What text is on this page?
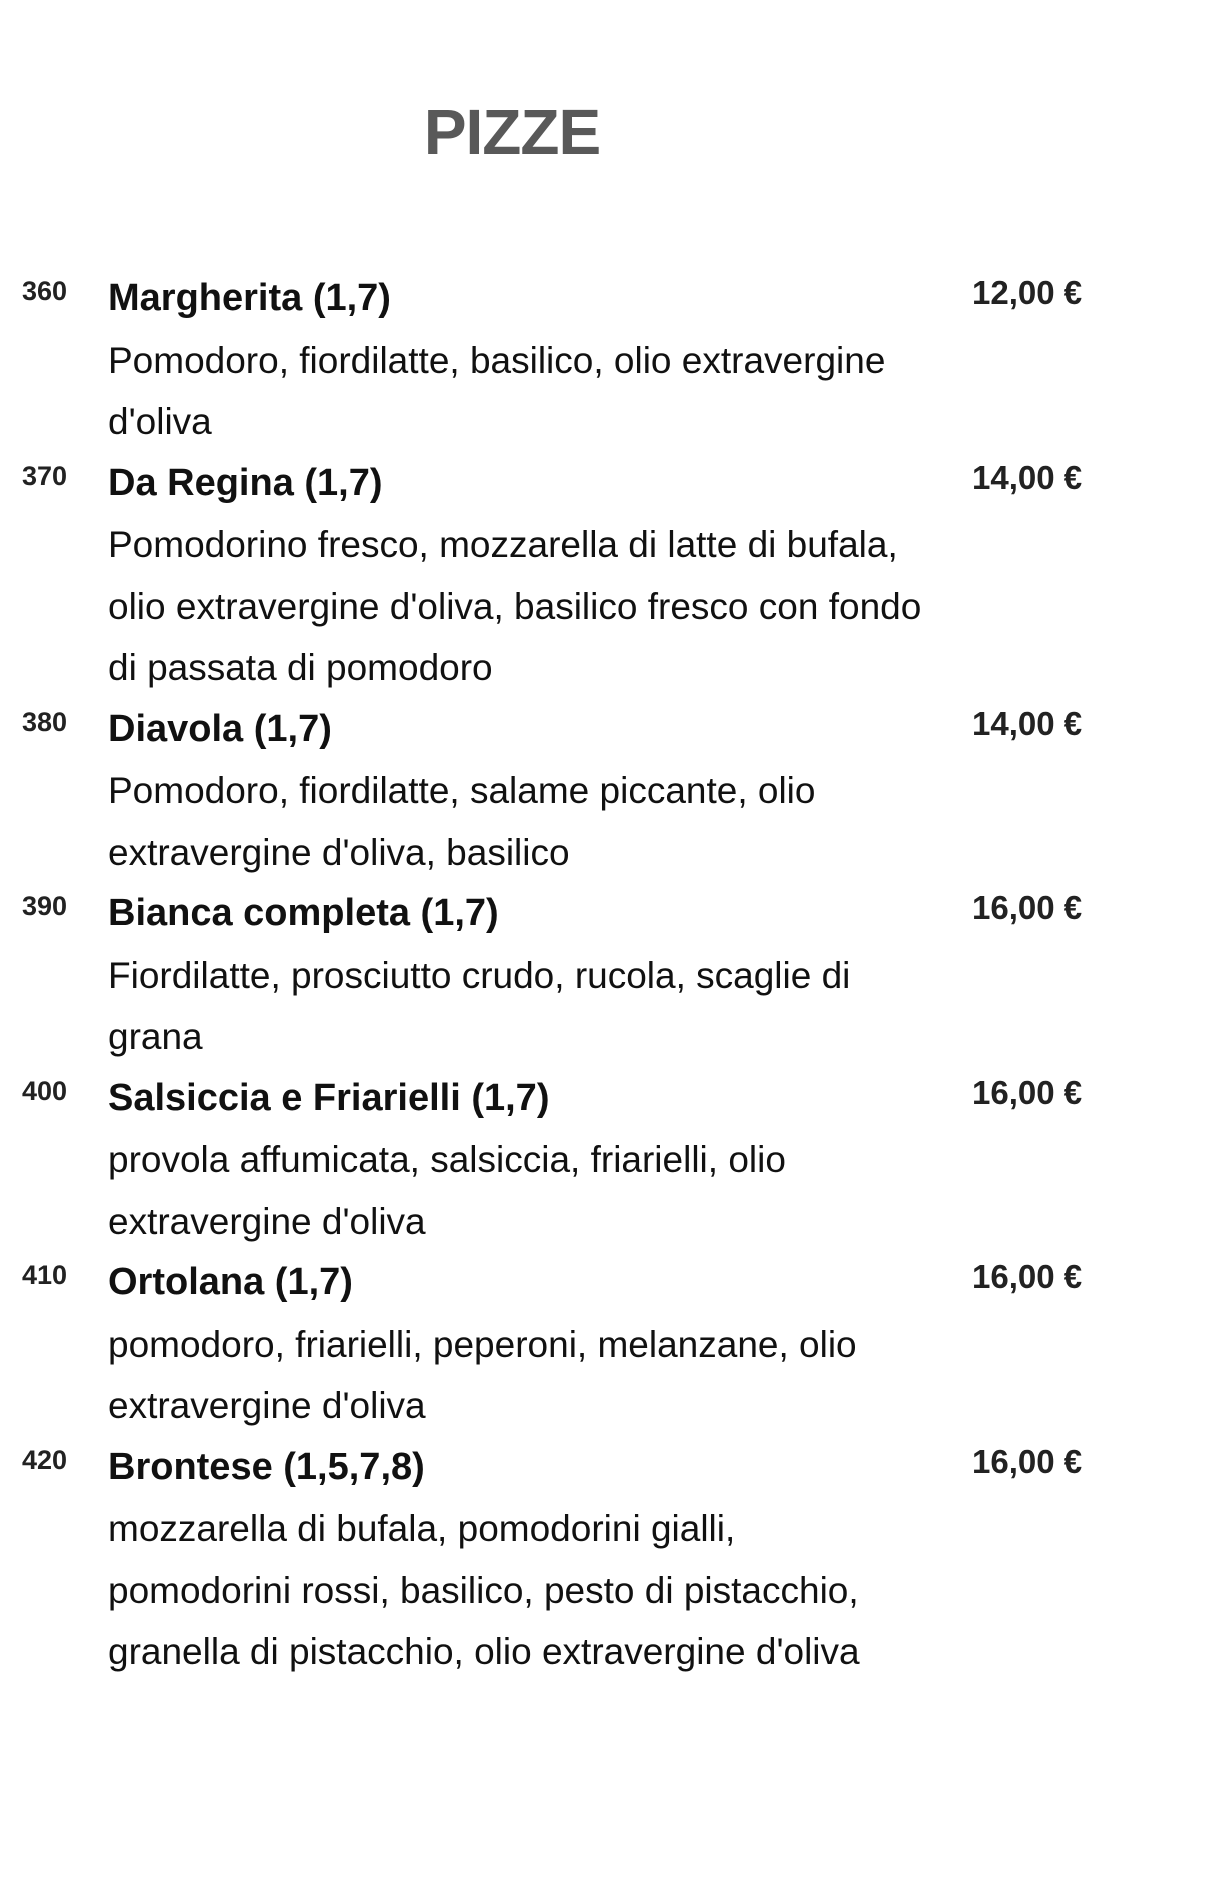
PIZZE
360 Margherita (1,7)
Pomodoro, fiordilatte, basilico, olio extravergine d'oliva
12,00 €
370 Da Regina (1,7)
Pomodorino fresco, mozzarella di latte di bufala, olio extravergine d'oliva, basilico fresco con fondo di passata di pomodoro
14,00 €
380 Diavola (1,7)
Pomodoro, fiordilatte, salame piccante, olio extravergine d'oliva, basilico
14,00 €
390 Bianca completa (1,7)
Fiordilatte, prosciutto crudo, rucola, scaglie di grana
16,00 €
400 Salsiccia e Friarielli (1,7)
provola affumicata, salsiccia, friarielli, olio extravergine d'oliva
16,00 €
410 Ortolana (1,7)
pomodoro, friarielli, peperoni, melanzane, olio extravergine d'oliva
16,00 €
420 Brontese (1,5,7,8)
mozzarella di bufala, pomodorini gialli, pomodorini rossi, basilico, pesto di pistacchio, granella di pistacchio, olio extravergine d'oliva
16,00 €
